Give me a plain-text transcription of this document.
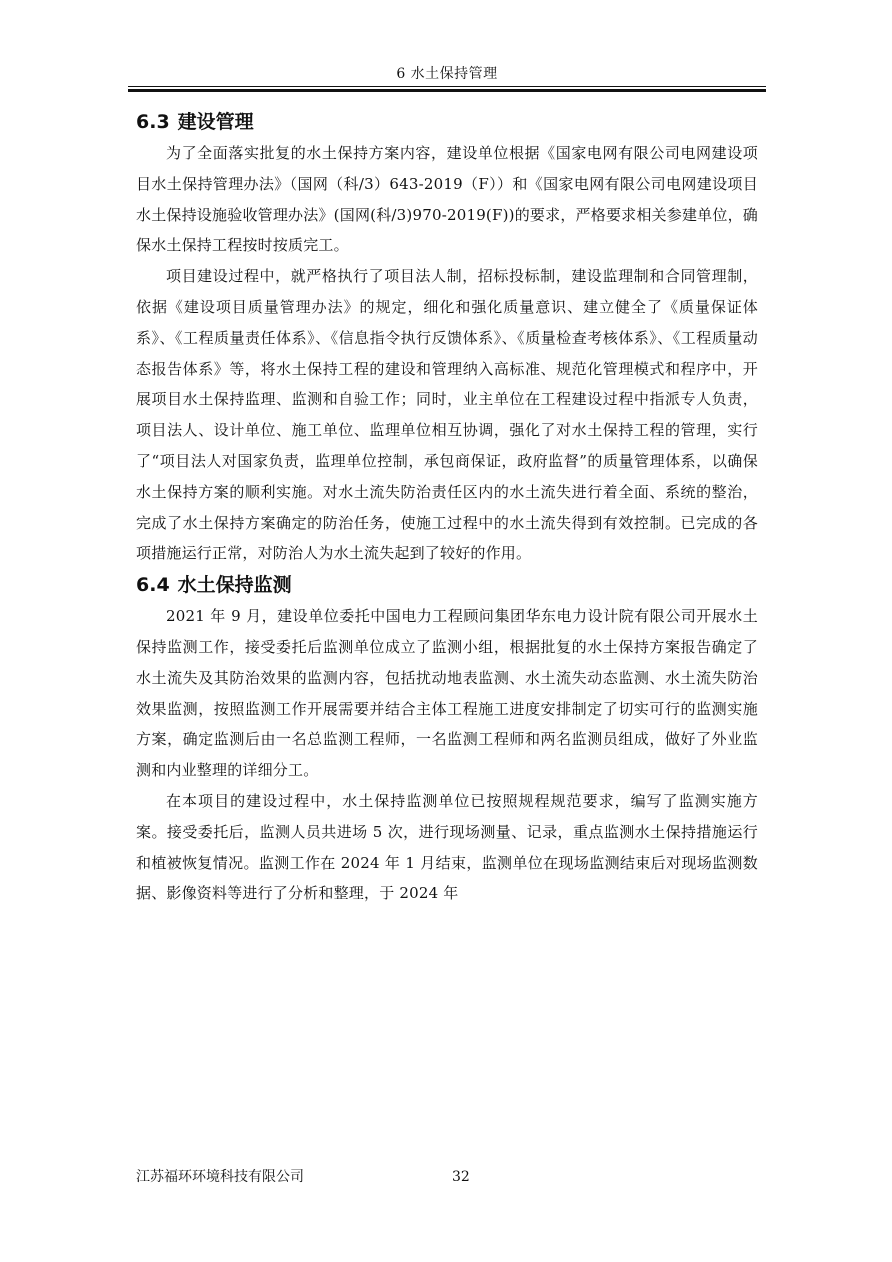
6 水土保持管理
6.3 建设管理

为了全面落实批复的水土保持方案内容，建设单位根据《国家电网有限公司电网建设项目水土保持管理办法》（国网（科/3）643-2019（F））和《国家电网有限公司电网建设项目水土保持设施验收管理办法》(国网(科/3)970-2019(F))的要求，严格要求相关参建单位，确保水土保持工程按时按质完工。

项目建设过程中，就严格执行了项目法人制，招标投标制，建设监理制和合同管理制，依据《建设项目质量管理办法》的规定，细化和强化质量意识、建立健全了《质量保证体系》、《工程质量责任体系》、《信息指令执行反馈体系》、《质量检查考核体系》、《工程质量动态报告体系》等，将水土保持工程的建设和管理纳入高标准、规范化管理模式和程序中，开展项目水土保持监理、监测和自验工作；同时，业主单位在工程建设过程中指派专人负责，项目法人、设计单位、施工单位、监理单位相互协调，强化了对水土保持工程的管理，实行了“项目法人对国家负责，监理单位控制，承包商保证，政府监督”的质量管理体系，以确保水土保持方案的顺利实施。对水土流失防治责任区内的水土流失进行着全面、系统的整治，完成了水土保持方案确定的防治任务，使施工过程中的水土流失得到有效控制。已完成的各项措施运行正常，对防治人为水土流失起到了较好的作用。

6.4 水土保持监测

2021 年 9 月，建设单位委托中国电力工程顾问集团华东电力设计院有限公司开展水土保持监测工作，接受委托后监测单位成立了监测小组，根据批复的水土保持方案报告确定了水土流失及其防治效果的监测内容，包括扰动地表监测、水土流失动态监测、水土流失防治效果监测，按照监测工作开展需要并结合主体工程施工进度安排制定了切实可行的监测实施方案，确定监测后由一名总监测工程师，一名监测工程师和两名监测员组成，做好了外业监测和内业整理的详细分工。

在本项目的建设过程中，水土保持监测单位已按照规程规范要求，编写了监测实施方案。接受委托后，监测人员共进场 5 次，进行现场测量、记录，重点监测水土保持措施运行和植被恢复情况。监测工作在 2024 年 1 月结束，监测单位在现场监测结束后对现场监测数据、影像资料等进行了分析和整理，于 2024 年

江苏福环环境科技有限公司	32
